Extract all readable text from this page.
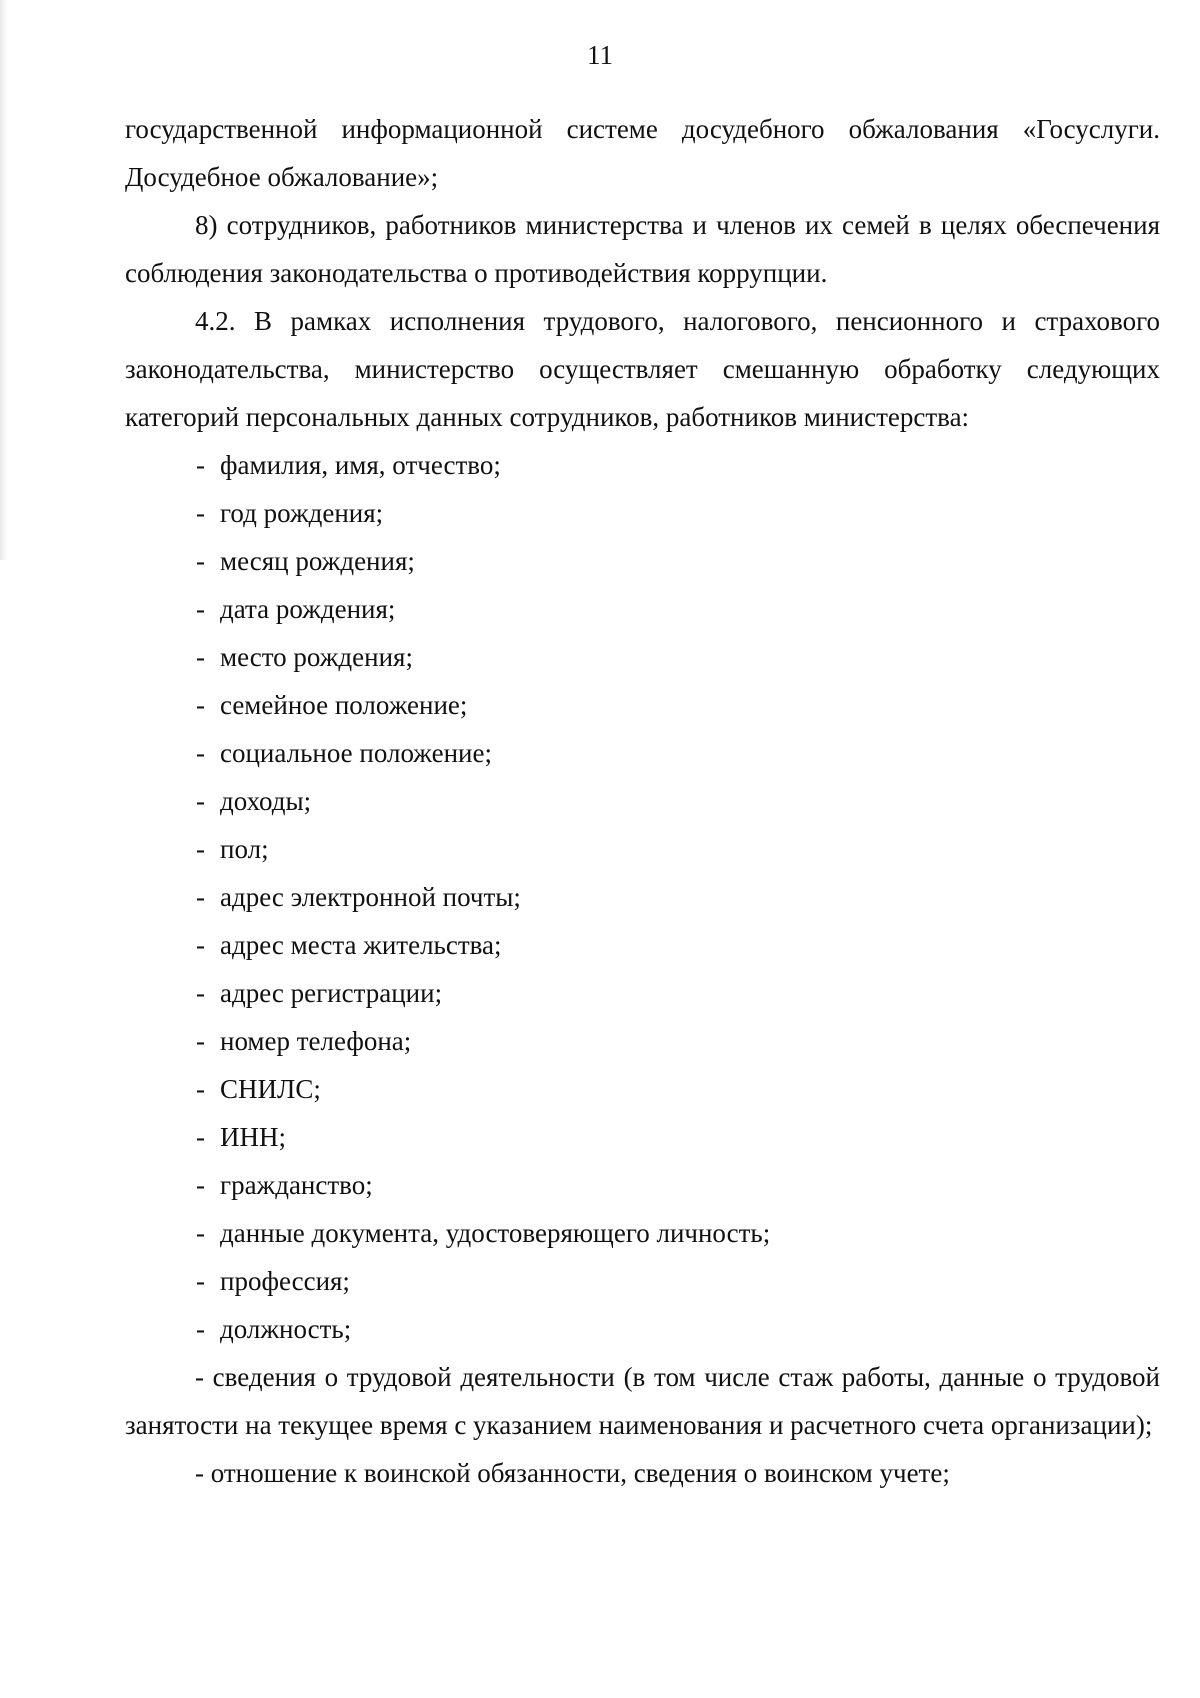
11

государственной информационной системе досудебного обжалования «Госуслуги. Досудебное обжалование»;

8) сотрудников, работников министерства и членов их семей в целях обеспечения соблюдения законодательства о противодействия коррупции.

4.2. В рамках исполнения трудового, налогового, пенсионного и страхового законодательства, министерство осуществляет смешанную обработку следующих категорий персональных данных сотрудников, работников министерства:

- фамилия, имя, отчество;
- год рождения;
- месяц рождения;
- дата рождения;
- место рождения;
- семейное положение;
- социальное положение;
- доходы;
- пол;
- адрес электронной почты;
- адрес места жительства;
- адрес регистрации;
- номер телефона;
- СНИЛС;
- ИНН;
- гражданство;
- данные документа, удостоверяющего личность;
- профессия;
- должность;

- сведения о трудовой деятельности (в том числе стаж работы, данные о трудовой занятости на текущее время с указанием наименования и расчетного счета организации);

- отношение к воинской обязанности, сведения о воинском учете;
